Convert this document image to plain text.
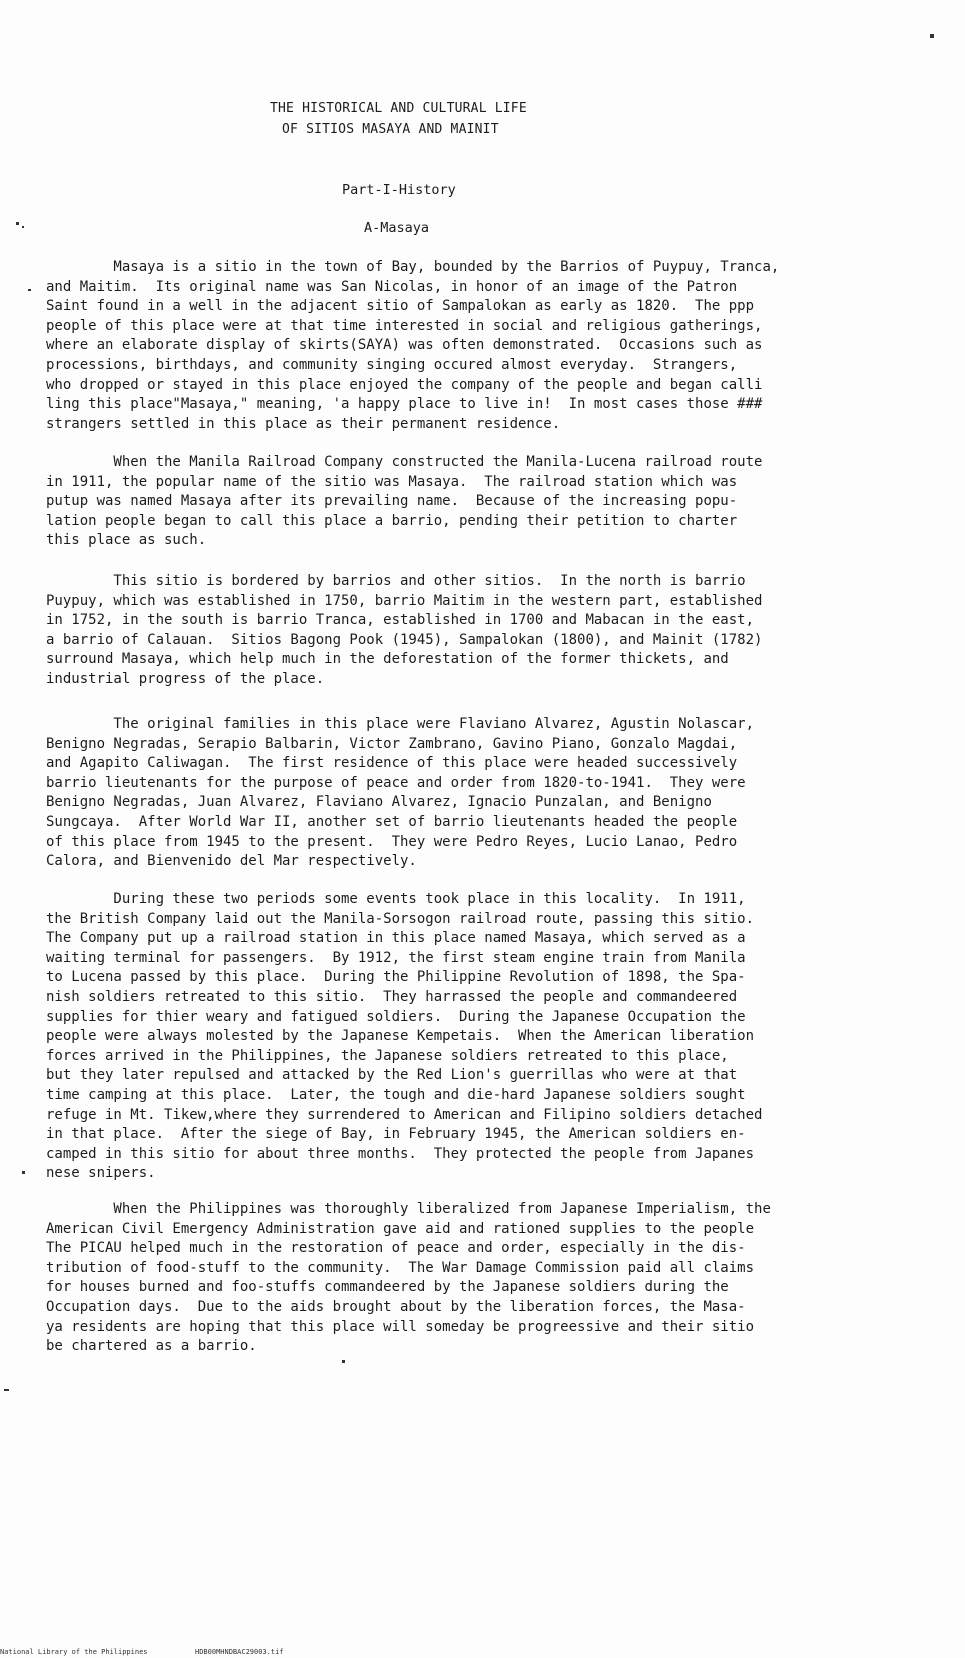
THE HISTORICAL AND CULTURAL LIFE
OF SITIOS MASAYA AND MAINIT
Part-I-History
A-Masaya
Masaya is a sitio in the town of Bay, bounded by the Barrios of Puypuy, Tranca,
and Maitim.  Its original name was San Nicolas, in honor of an image of the Patron
Saint found in a well in the adjacent sitio of Sampalokan as early as 1820.  The ppp
people of this place were at that time interested in social and religious gatherings,
where an elaborate display of skirts(SAYA) was often demonstrated.  Occasions such as
processions, birthdays, and community singing occured almost everyday.  Strangers,
who dropped or stayed in this place enjoyed the company of the people and began calli
ling this place"Masaya," meaning, 'a happy place to live in!  In most cases those ###
strangers settled in this place as their permanent residence.
When the Manila Railroad Company constructed the Manila-Lucena railroad route
in 1911, the popular name of the sitio was Masaya.  The railroad station which was
putup was named Masaya after its prevailing name.  Because of the increasing popu-
lation people began to call this place a barrio, pending their petition to charter
this place as such.
This sitio is bordered by barrios and other sitios.  In the north is barrio
Puypuy, which was established in 1750, barrio Maitim in the western part, established
in 1752, in the south is barrio Tranca, established in 1700 and Mabacan in the east,
a barrio of Calauan.  Sitios Bagong Pook (1945), Sampalokan (1800), and Mainit (1782)
surround Masaya, which help much in the deforestation of the former thickets, and
industrial progress of the place.
The original families in this place were Flaviano Alvarez, Agustin Nolascar,
Benigno Negradas, Serapio Balbarin, Victor Zambrano, Gavino Piano, Gonzalo Magdai,
and Agapito Caliwagan.  The first residence of this place were headed successively
barrio lieutenants for the purpose of peace and order from 1820-to-1941.  They were
Benigno Negradas, Juan Alvarez, Flaviano Alvarez, Ignacio Punzalan, and Benigno
Sungcaya.  After World War II, another set of barrio lieutenants headed the people
of this place from 1945 to the present.  They were Pedro Reyes, Lucio Lanao, Pedro
Calora, and Bienvenido del Mar respectively.
During these two periods some events took place in this locality.  In 1911,
the British Company laid out the Manila-Sorsogon railroad route, passing this sitio.
The Company put up a railroad station in this place named Masaya, which served as a
waiting terminal for passengers.  By 1912, the first steam engine train from Manila
to Lucena passed by this place.  During the Philippine Revolution of 1898, the Spa-
nish soldiers retreated to this sitio.  They harrassed the people and commandeered
supplies for thier weary and fatigued soldiers.  During the Japanese Occupation the
people were always molested by the Japanese Kempetais.  When the American liberation
forces arrived in the Philippines, the Japanese soldiers retreated to this place,
but they later repulsed and attacked by the Red Lion's guerrillas who were at that
time camping at this place.  Later, the tough and die-hard Japanese soldiers sought
refuge in Mt. Tikew,where they surrendered to American and Filipino soldiers detached
in that place.  After the siege of Bay, in February 1945, the American soldiers en-
camped in this sitio for about three months.  They protected the people from Japanes
nese snipers.
When the Philippines was thoroughly liberalized from Japanese Imperialism, the
American Civil Emergency Administration gave aid and rationed supplies to the people
The PICAU helped much in the restoration of peace and order, especially in the dis-
tribution of food-stuff to the community.  The War Damage Commission paid all claims
for houses burned and foo-stuffs commandeered by the Japanese soldiers during the
Occupation days.  Due to the aids brought about by the liberation forces, the Masa-
ya residents are hoping that this place will someday be progreessive and their sitio
be chartered as a barrio.
National Library of the Philippines	HDB00MHNDBAC29003.tif
